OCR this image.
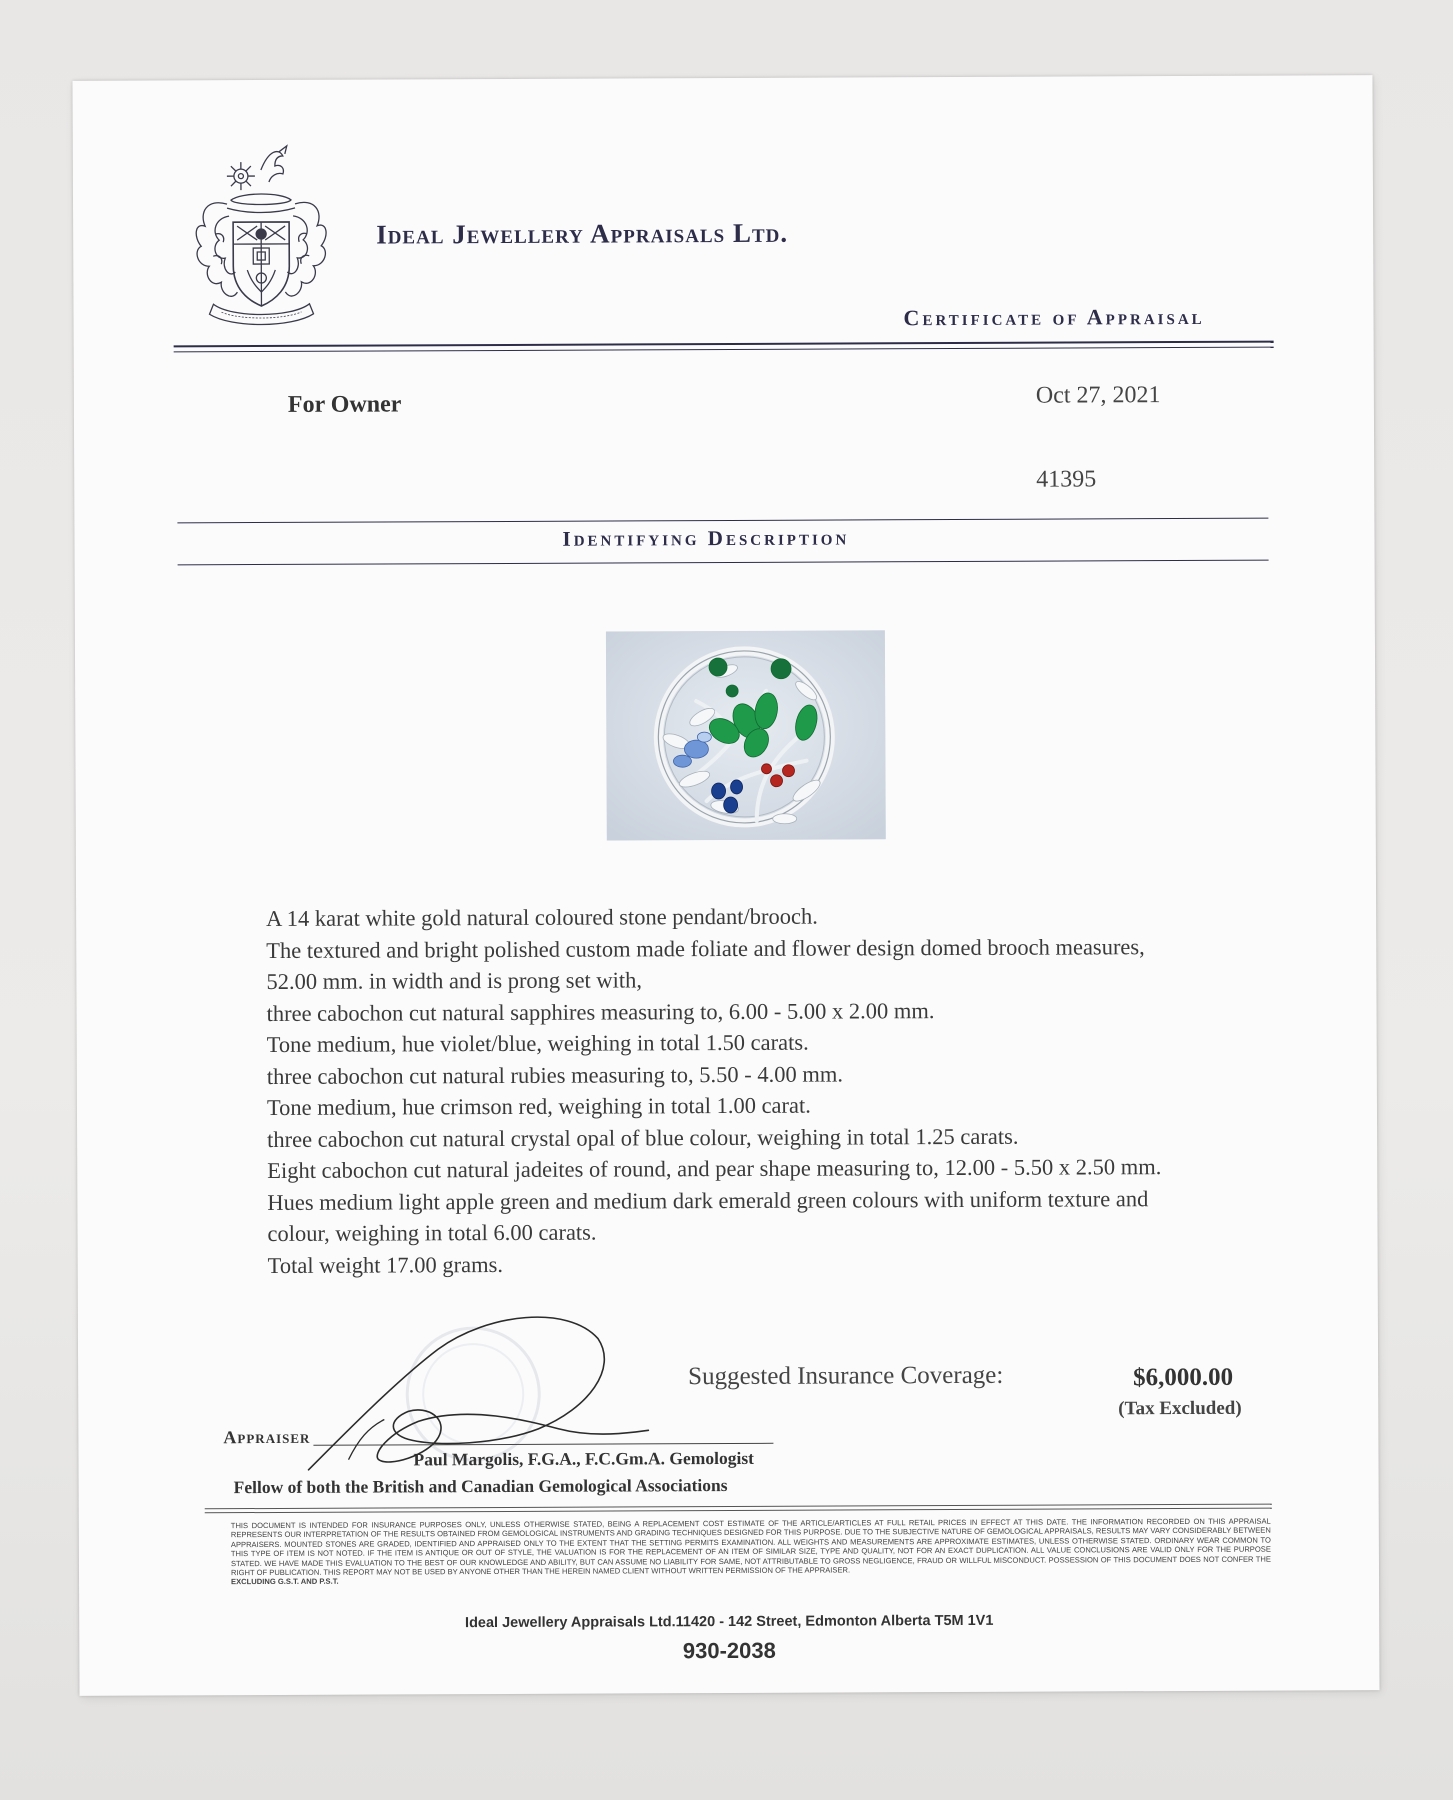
Ideal Jewellery Appraisals Ltd.
Certificate of Appraisal
For Owner	Oct 27, 2021
41395
Identifying Description
A 14 karat white gold natural coloured stone pendant/brooch.
The textured and bright polished custom made foliate and flower design domed brooch measures,
52.00 mm. in width and is prong set with,
three cabochon cut natural sapphires measuring to, 6.00 - 5.00 x 2.00 mm.
Tone medium, hue violet/blue, weighing in total 1.50 carats.
three cabochon cut natural rubies measuring to, 5.50 - 4.00 mm.
Tone medium, hue crimson red, weighing in total 1.00 carat.
three cabochon cut natural crystal opal of blue colour, weighing in total 1.25 carats.
Eight cabochon cut natural jadeites of round, and pear shape measuring to, 12.00 - 5.50 x 2.50 mm.
Hues medium light apple green and medium dark emerald green colours with uniform texture and
colour, weighing in total 6.00 carats.
Total weight 17.00 grams.
Suggested Insurance Coverage:	$6,000.00
(Tax Excluded)
Appraiser
Paul Margolis, F.G.A., F.C.Gm.A. Gemologist
Fellow of both the British and Canadian Gemological Associations
THIS DOCUMENT IS INTENDED FOR INSURANCE PURPOSES ONLY, UNLESS OTHERWISE STATED, BEING A REPLACEMENT COST ESTIMATE OF THE ARTICLE/ARTICLES AT FULL RETAIL PRICES IN EFFECT AT THIS DATE. THE INFORMATION RECORDED ON THIS APPRAISAL REPRESENTS OUR INTERPRETATION OF THE RESULTS OBTAINED FROM GEMOLOGICAL INSTRUMENTS AND GRADING TECHNIQUES DESIGNED FOR THIS PURPOSE. DUE TO THE SUBJECTIVE NATURE OF GEMOLOGICAL APPRAISALS, RESULTS MAY VARY CONSIDERABLY BETWEEN APPRAISERS. MOUNTED STONES ARE GRADED, IDENTIFIED AND APPRAISED ONLY TO THE EXTENT THAT THE SETTING PERMITS EXAMINATION. ALL WEIGHTS AND MEASUREMENTS ARE APPROXIMATE ESTIMATES, UNLESS OTHERWISE STATED. ORDINARY WEAR COMMON TO THIS TYPE OF ITEM IS NOT NOTED. IF THE ITEM IS ANTIQUE OR OUT OF STYLE, THE VALUATION IS FOR THE REPLACEMENT OF AN ITEM OF SIMILAR SIZE, TYPE AND QUALITY, NOT FOR AN EXACT DUPLICATION. ALL VALUE CONCLUSIONS ARE VALID ONLY FOR THE PURPOSE STATED. WE HAVE MADE THIS EVALUATION TO THE BEST OF OUR KNOWLEDGE AND ABILITY, BUT CAN ASSUME NO LIABILITY FOR SAME, NOT ATTRIBUTABLE TO GROSS NEGLIGENCE, FRAUD OR WILLFUL MISCONDUCT. POSSESSION OF THIS DOCUMENT DOES NOT CONFER THE RIGHT OF PUBLICATION. THIS REPORT MAY NOT BE USED BY ANYONE OTHER THAN THE HEREIN NAMED CLIENT WITHOUT WRITTEN PERMISSION OF THE APPRAISER.
EXCLUDING G.S.T. AND P.S.T.
Ideal Jewellery Appraisals Ltd.11420 - 142 Street, Edmonton Alberta T5M 1V1
930-2038
